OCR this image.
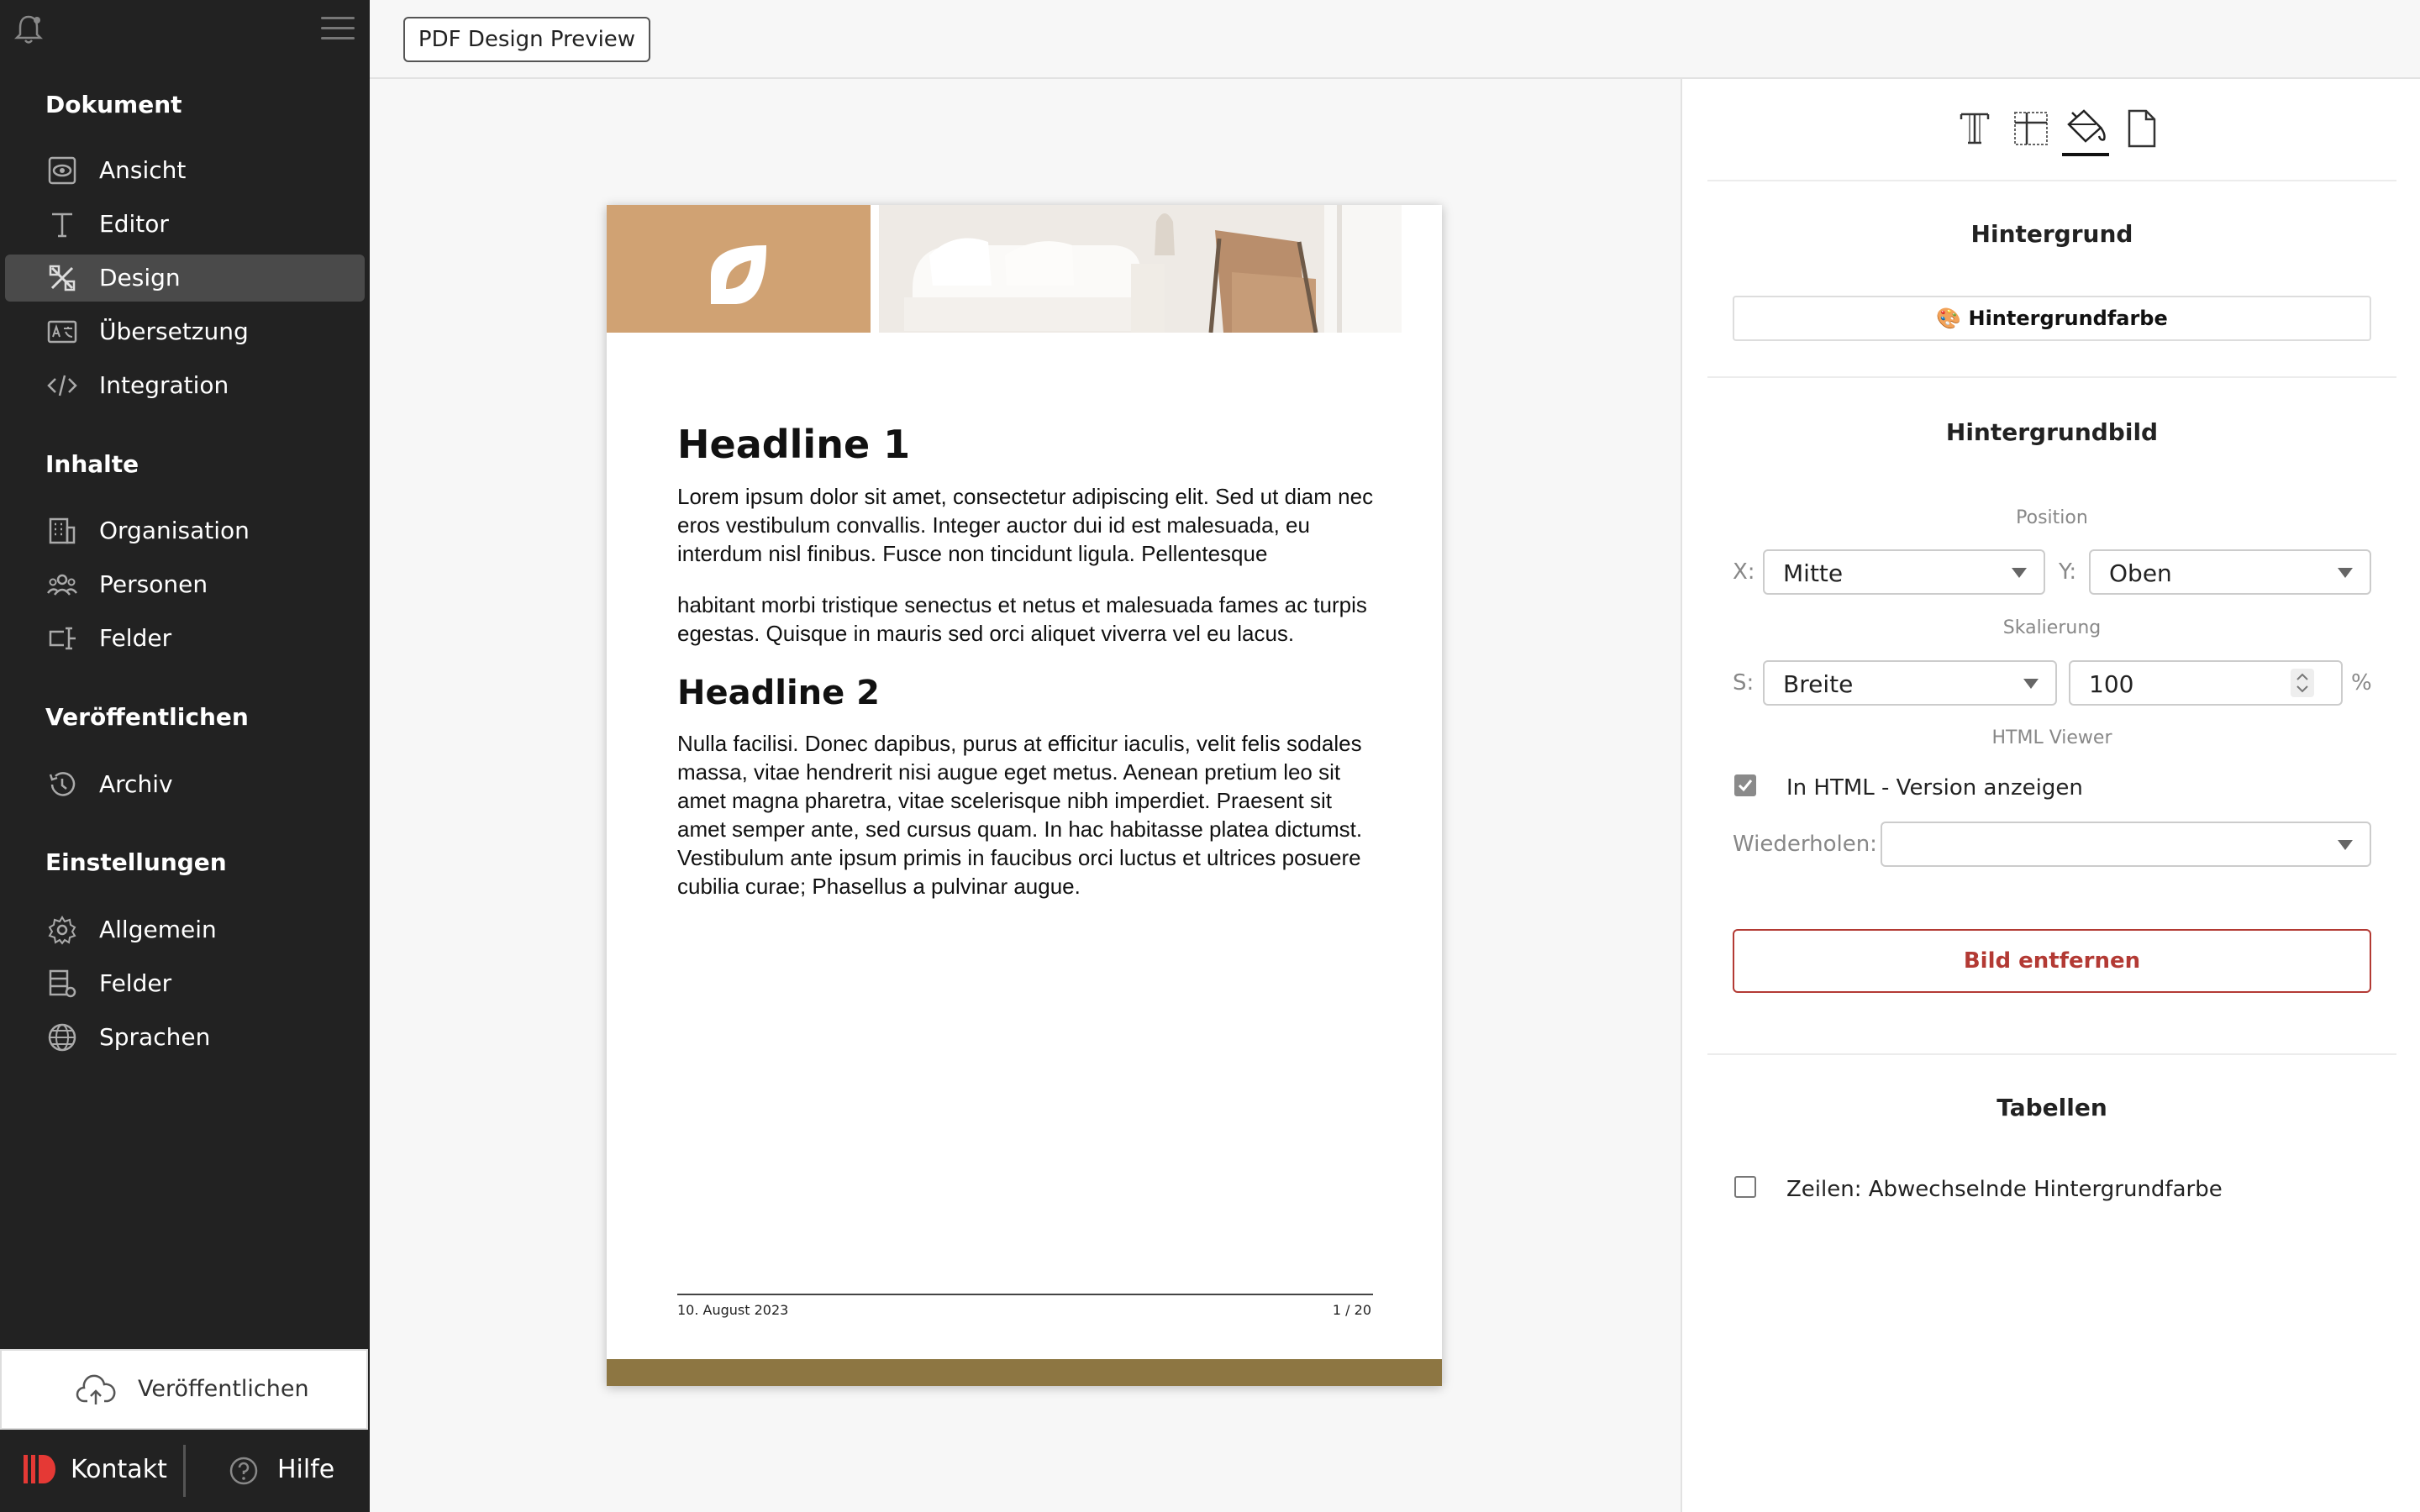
Dokument
Ansicht
Editor
Design
Übersetzung
Integration
Inhalte
Organisation
Personen
Felder
Veröffentlichen
Archiv
Einstellungen
Allgemein
Felder
Sprachen
Veröffentlichen
Kontakt	Hilfe
PDF Design Preview
Headline 1

Lorem ipsum dolor sit amet, consectetur adipiscing elit. Sed ut diam nec eros vestibulum convallis. Integer auctor dui id est malesuada, eu interdum nisl finibus. Fusce non tincidunt ligula. Pellentesque

habitant morbi tristique senectus et netus et malesuada fames ac turpis egestas. Quisque in mauris sed orci aliquet viverra vel eu lacus.

Headline 2

Nulla facilisi. Donec dapibus, purus at efficitur iaculis, velit felis sodales massa, vitae hendrerit nisi augue eget metus. Aenean pretium leo sit amet magna pharetra, vitae scelerisque nibh imperdiet. Praesent sit amet semper ante, sed cursus quam. In hac habitasse platea dictumst. Vestibulum ante ipsum primis in faucibus orci luctus et ultrices posuere cubilia curae; Phasellus a pulvinar augue.

10. August 2023	1 / 20
Hintergrund
🎨 Hintergrundfarbe
Hintergrundbild
Position
X: Mitte	Y: Oben
Skalierung
S: Breite	100	%
HTML Viewer
In HTML - Version anzeigen
Wiederholen:
Bild entfernen
Tabellen
Zeilen: Abwechselnde Hintergrundfarbe
